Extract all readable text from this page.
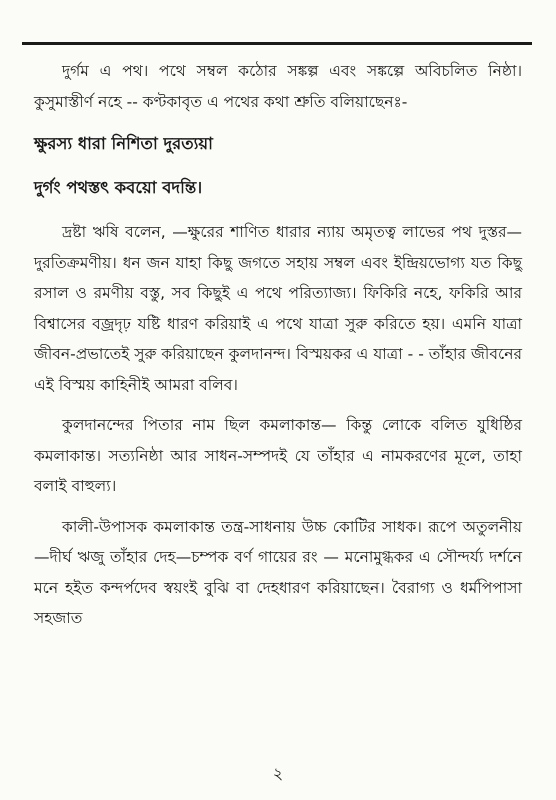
দুর্গম এ পথ। পথে সম্বল কঠোর সঙ্কল্প এবং সঙ্কল্পে অবিচলিত নিষ্ঠা। কুসুমাস্তীর্ণ নহে -- কণ্টকাবৃত এ পথের কথা শ্রুতি বলিয়াছেনঃ-

ক্ষুরস্য ধারা নিশিতা দুরত্যয়া

দুর্গং পথস্তৎ কবয়ো বদন্তি।

দ্রষ্টা ঋষি বলেন, —ক্ষুরের শাণিত ধারার ন্যায় অমৃতত্ব লাভের পথ দুস্তর—দুরতিক্রমণীয়। ধন জন যাহা কিছু জগতে সহায় সম্বল এবং ইন্দ্রিয়ভোগ্য যত কিছু রসাল ও রমণীয় বস্তু, সব কিছুই এ পথে পরিত্যাজ্য। ফিকিরি নহে, ফকিরি আর বিশ্বাসের বজ্রদৃঢ় যষ্টি ধারণ করিয়াই এ পথে যাত্রা সুরু করিতে হয়। এমনি যাত্রা জীবন-প্রভাতেই সুরু করিয়াছেন কুলদানন্দ। বিস্ময়কর এ যাত্রা - - তাঁহার জীবনের এই বিস্ময় কাহিনীই আমরা বলিব।

কুলদানন্দের পিতার নাম ছিল কমলাকান্ত— কিন্তু লোকে বলিত যুধিষ্ঠির কমলাকান্ত। সত্যনিষ্ঠা আর সাধন-সম্পদই যে তাঁহার এ নামকরণের মূলে, তাহা বলাই বাহুল্য।

কালী-উপাসক কমলাকান্ত তন্ত্র-সাধনায় উচ্চ কোটির সাধক। রূপে অতুলনীয়—দীর্ঘ ঋজু তাঁহার দেহ—চম্পক বর্ণ গায়ের রং — মনোমুগ্ধকর এ সৌন্দর্য্য দর্শনে মনে হইত কন্দর্পদেব স্বয়ংই বুঝি বা দেহধারণ করিয়াছেন। বৈরাগ্য ও ধর্মপিপাসা সহজাত

২
